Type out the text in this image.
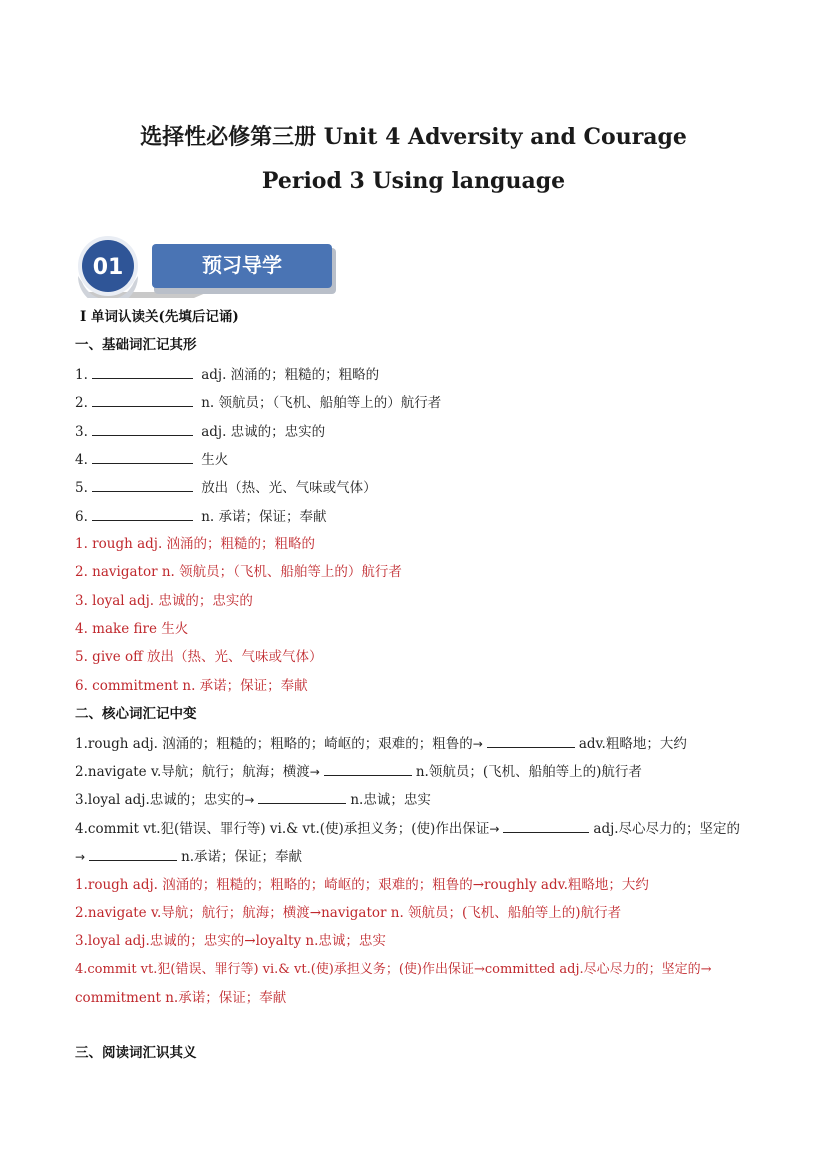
选择性必修第三册 Unit 4 Adversity and Courage
Period 3 Using language
01	预习导学
Ⅰ 单词认读关(先填后记诵)
一、基础词汇记其形
1.	adj. 汹涌的；粗糙的；粗略的
2.	n. 领航员；（飞机、船舶等上的）航行者
3.	adj. 忠诚的；忠实的
4.	生火
5.	放出（热、光、气味或气体）
6.	n. 承诺；保证；奉献
1. rough adj. 汹涌的；粗糙的；粗略的
2. navigator n. 领航员；（飞机、船舶等上的）航行者
3. loyal adj. 忠诚的；忠实的
4. make fire 生火
5. give off 放出（热、光、气味或气体）
6. commitment n. 承诺；保证；奉献
二、核心词汇记中变
1.rough adj. 汹涌的；粗糙的；粗略的；崎岖的；艰难的；粗鲁的→	adv.粗略地；大约
2.navigate v.导航；航行；航海；横渡→	n.领航员；(飞机、船舶等上的)航行者
3.loyal adj.忠诚的；忠实的→	n.忠诚；忠实
4.commit vt.犯(错误、罪行等) vi.& vt.(使)承担义务；(使)作出保证→	adj.尽心尽力的；坚定的
→	n.承诺；保证；奉献
1.rough adj. 汹涌的；粗糙的；粗略的；崎岖的；艰难的；粗鲁的→roughly adv.粗略地；大约
2.navigate v.导航；航行；航海；横渡→navigator n. 领航员；(飞机、船舶等上的)航行者
3.loyal adj.忠诚的；忠实的→loyalty n.忠诚；忠实
4.commit vt.犯(错误、罪行等) vi.& vt.(使)承担义务；(使)作出保证→committed adj.尽心尽力的；坚定的→
commitment n.承诺；保证；奉献
三、阅读词汇识其义
